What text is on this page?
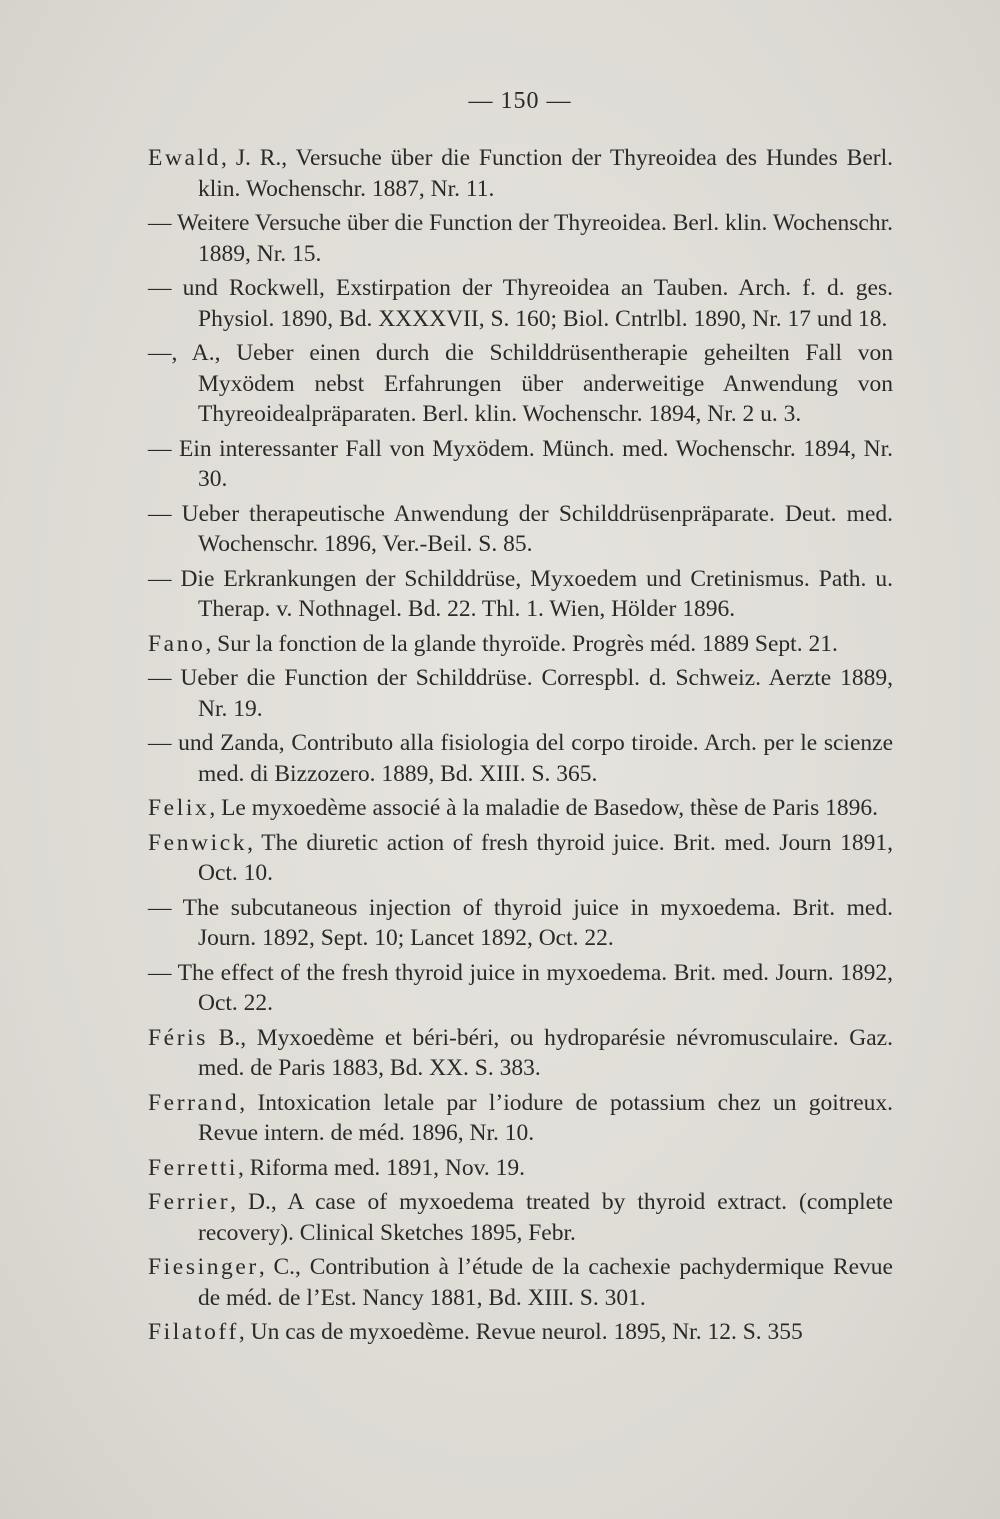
— 150 —

Ewald, J. R., Versuche über die Function der Thyreoidea des Hundes Berl. klin. Wochenschr. 1887, Nr. 11.

— Weitere Versuche über die Function der Thyreoidea. Berl. klin. Wochenschr. 1889, Nr. 15.

— und Rockwell, Exstirpation der Thyreoidea an Tauben. Arch. f. d. ges. Physiol. 1890, Bd. XXXXVII, S. 160; Biol. Cntrlbl. 1890, Nr. 17 und 18.

—, A., Ueber einen durch die Schilddrüsentherapie geheilten Fall von Myxödem nebst Erfahrungen über anderweitige Anwendung von Thyreoidealpräparaten. Berl. klin. Wochenschr. 1894, Nr. 2 u. 3.

— Ein interessanter Fall von Myxödem. Münch. med. Wochenschr. 1894, Nr. 30.

— Ueber therapeutische Anwendung der Schilddrüsenpräparate. Deut. med. Wochenschr. 1896, Ver.-Beil. S. 85.

— Die Erkrankungen der Schilddrüse, Myxoedem und Cretinismus. Path. u. Therap. v. Nothnagel. Bd. 22. Thl. 1. Wien, Hölder 1896.

Fano, Sur la fonction de la glande thyroïde. Progrès méd. 1889 Sept. 21.

— Ueber die Function der Schilddrüse. Correspbl. d. Schweiz. Aerzte 1889, Nr. 19.

— und Zanda, Contributo alla fisiologia del corpo tiroide. Arch. per le scienze med. di Bizzozero. 1889, Bd. XIII. S. 365.

Felix, Le myxoedème associé à la maladie de Basedow, thèse de Paris 1896.

Fenwick, The diuretic action of fresh thyroid juice. Brit. med. Journ 1891, Oct. 10.

— The subcutaneous injection of thyroid juice in myxoedema. Brit. med. Journ. 1892, Sept. 10; Lancet 1892, Oct. 22.

— The effect of the fresh thyroid juice in myxoedema. Brit. med. Journ. 1892, Oct. 22.

Féris B., Myxoedème et béri-béri, ou hydroparésie névromusculaire. Gaz. med. de Paris 1883, Bd. XX. S. 383.

Ferrand, Intoxication letale par l’iodure de potassium chez un goitreux. Revue intern. de méd. 1896, Nr. 10.

Ferretti, Riforma med. 1891, Nov. 19.

Ferrier, D., A case of myxoedema treated by thyroid extract. (complete recovery). Clinical Sketches 1895, Febr.

Fiesinger, C., Contribution à l’étude de la cachexie pachydermique Revue de méd. de l’Est. Nancy 1881, Bd. XIII. S. 301.

Filatoff, Un cas de myxoedème. Revue neurol. 1895, Nr. 12. S. 355
